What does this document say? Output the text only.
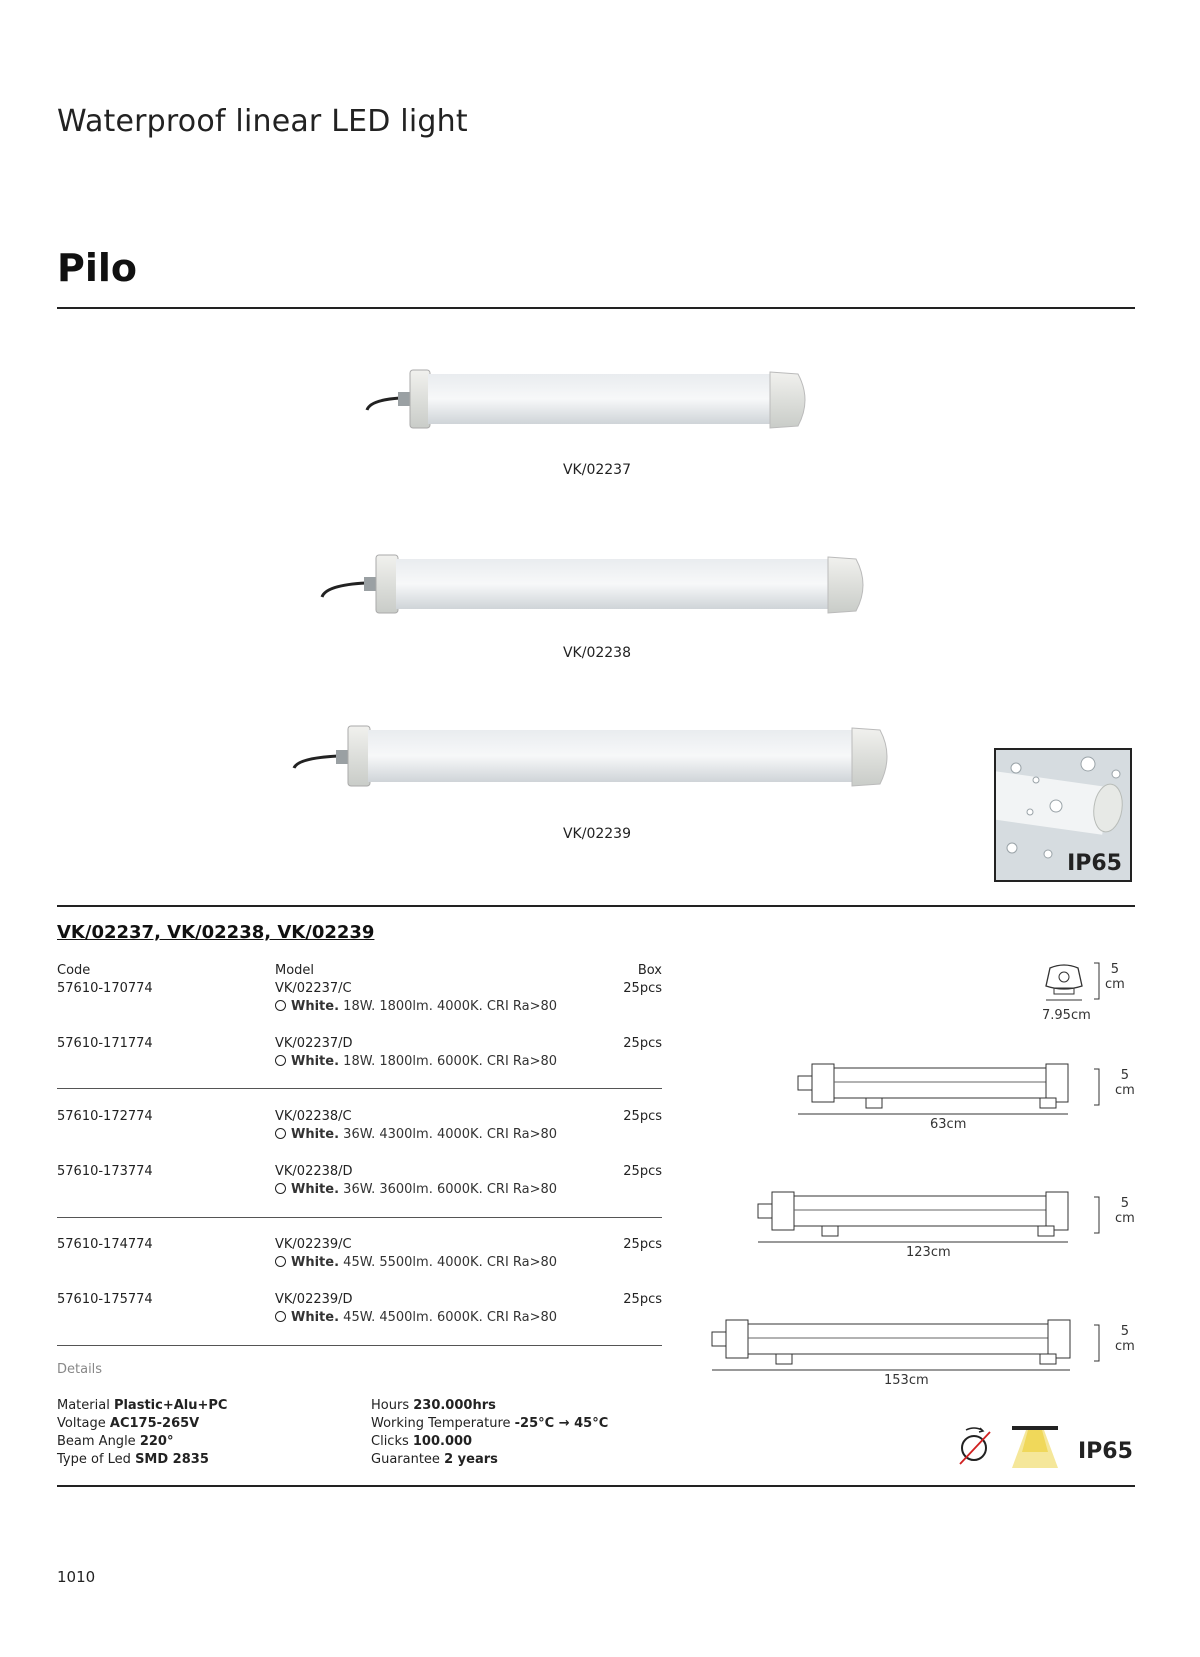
Waterproof linear LED light
Pilo
VK/02237
VK/02238
VK/02239
IP65
VK/02237, VK/02238, VK/02239
Code	Model	Box
57610-170774	VK/02237/C	25pcs
White. 18W. 1800lm. 4000K. CRI Ra>80
57610-171774	VK/02237/D	25pcs
White. 18W. 1800lm. 6000K. CRI Ra>80
57610-172774	VK/02238/C	25pcs
White. 36W. 4300lm. 4000K. CRI Ra>80
57610-173774	VK/02238/D	25pcs
White. 36W. 3600lm. 6000K. CRI Ra>80
57610-174774	VK/02239/C	25pcs
White. 45W. 5500lm. 4000K. CRI Ra>80
57610-175774	VK/02239/D	25pcs
White. 45W. 4500lm. 6000K. CRI Ra>80
5
cm
7.95cm
5
cm
63cm
5
cm
123cm
5
cm
153cm
Details
Material Plastic+Alu+PC
Voltage AC175-265V
Beam Angle 220°
Type of Led SMD 2835
Hours 230.000hrs
Working Temperature -25°C → 45°C
Clicks 100.000
Guarantee 2 years	IP65
1010
